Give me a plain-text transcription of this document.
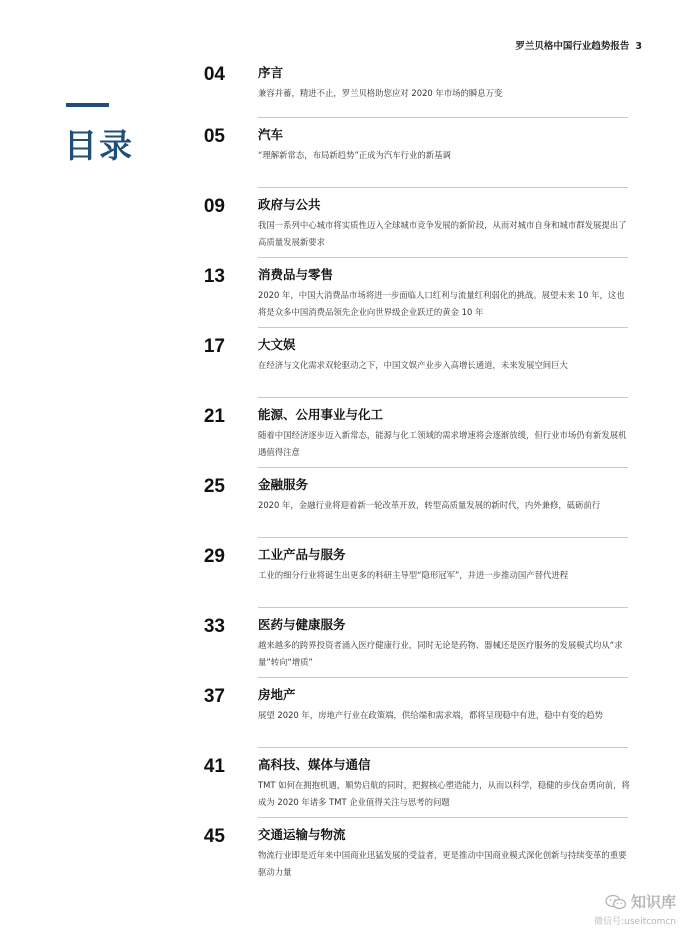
罗兰贝格中国行业趋势报告 3
目录
04	序言
兼容并蓄，精进不止，罗兰贝格助您应对 2020 年市场的瞬息万变
05	汽车
“理解新常态，布局新趋势”正成为汽车行业的新基调
09	政府与公共
我国一系列中心城市将实质性迈入全球城市竞争发展的新阶段，从而对城市自身和城市群发展提出了高质量发展新要求
13	消费品与零售
2020 年，中国大消费品市场将进一步面临人口红利与流量红利弱化的挑战。展望未来 10 年，这也将是众多中国消费品领先企业向世界级企业跃迁的黄金 10 年
17	大文娱
在经济与文化需求双轮驱动之下，中国文娱产业步入高增长通道，未来发展空间巨大
21	能源、公用事业与化工
随着中国经济逐步迈入新常态，能源与化工领域的需求增速将会逐渐放缓，但行业市场仍有新发展机遇值得注意
25	金融服务
2020 年，金融行业将迎着新一轮改革开放，转型高质量发展的新时代，内外兼修，砥砺前行
29	工业产品与服务
工业的细分行业将诞生出更多的科研主导型“隐形冠军”，并进一步推动国产替代进程
33	医药与健康服务
越来越多的跨界投资者涌入医疗健康行业，同时无论是药物、器械还是医疗服务的发展模式均从“求量”转向“增质”
37	房地产
展望 2020 年，房地产行业在政策端，供给端和需求端，都将呈现稳中有进，稳中有变的趋势
41	高科技、媒体与通信
TMT 如何在拥抱机遇，顺势启航的同时，把握核心塑造能力，从而以科学，稳健的步伐奋勇向前，将成为 2020 年诸多 TMT 企业值得关注与思考的问题
45	交通运输与物流
物流行业即是近年来中国商业迅猛发展的受益者，更是推动中国商业模式深化创新与持续变革的重要驱动力量
知识库
微信号:useitcomcn
